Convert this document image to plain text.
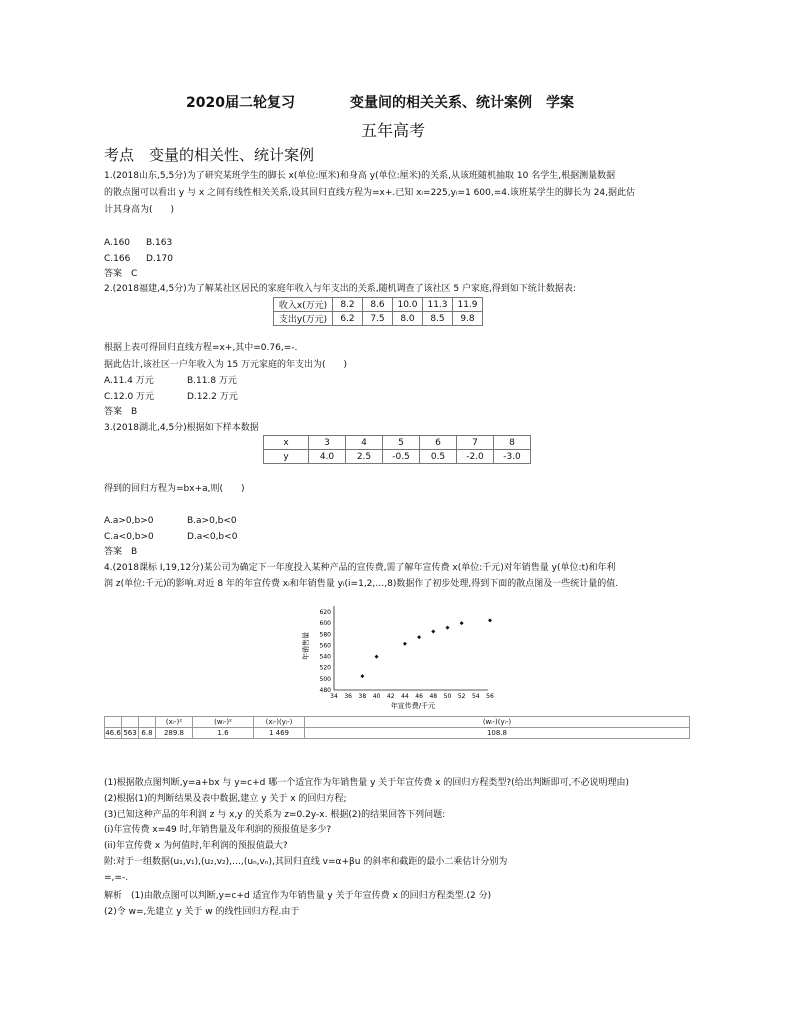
2020届二轮复习	变量间的相关关系、统计案例　学案
五年高考
考点　变量的相关性、统计案例
1.(2018山东,5,5分)为了研究某班学生的脚长 x(单位:厘米)和身高 y(单位:厘米)的关系,从该班随机抽取 10 名学生,根据测量数据
的散点图可以看出 y 与 x 之间有线性相关关系,设其回归直线方程为=x+.已知 xᵢ=225,yᵢ=1 600,=4.该班某学生的脚长为 24,据此估
计其身高为(　　)
A.160 B.163
C.166 D.170
答案　C
2.(2018福建,4,5分)为了解某社区居民的家庭年收入与年支出的关系,随机调查了该社区 5 户家庭,得到如下统计数据表:
收入x(万元)	8.2	8.6	10.0	11.3	11.9
支出y(万元)	6.2	7.5	8.0	8.5	9.8
根据上表可得回归直线方程=x+,其中=0.76,=-.
据此估计,该社区一户年收入为 15 万元家庭的年支出为(　　)
A.11.4 万元	B.11.8 万元
C.12.0 万元	D.12.2 万元
答案　B
3.(2018湖北,4,5分)根据如下样本数据
x	3	4	5	6	7	8
y	4.0	2.5	-0.5	0.5	-2.0	-3.0
得到的回归方程为=bx+a,则(　　)
A.a>0,b>0	B.a>0,b<0
C.a<0,b>0	D.a<0,b<0
答案　B
4.(2018课标 Ⅰ,19,12分)某公司为确定下一年度投入某种产品的宣传费,需了解年宣传费 x(单位:千元)对年销售量 y(单位:t)和年利
润 z(单位:千元)的影响.对近 8 年的年宣传费 xᵢ和年销售量 yᵢ(i=1,2,…,8)数据作了初步处理,得到下面的散点图及一些统计量的值.
34 36 38 40 42 44 46 48 50 52 54 56
480
500
520
540
560
580
600
620
年销售量
年宣传费/千元
			(xᵢ-)²	(wᵢ-)²	(xᵢ-)(yᵢ-)	(wᵢ-)(yᵢ-)
46.6	563	6.8	289.8	1.6	1 469	108.8
(1)根据散点图判断,y=a+bx 与 y=c+d 哪一个适宜作为年销售量 y 关于年宣传费 x 的回归方程类型?(给出判断即可,不必说明理由)
(2)根据(1)的判断结果及表中数据,建立 y 关于 x 的回归方程;
(3)已知这种产品的年利润 z 与 x,y 的关系为 z=0.2y-x. 根据(2)的结果回答下列问题:
(i)年宣传费 x=49 时,年销售量及年利润的预报值是多少?
(ii)年宣传费 x 为何值时,年利润的预报值最大?
附:对于一组数据(u₁,v₁),(u₂,v₂),…,(uₙ,vₙ),其回归直线 v=α+βu 的斜率和截距的最小二乘估计分别为
=,=-.
解析　(1)由散点图可以判断,y=c+d 适宜作为年销售量 y 关于年宣传费 x 的回归方程类型.(2 分)
(2)令 w=,先建立 y 关于 w 的线性回归方程.由于
